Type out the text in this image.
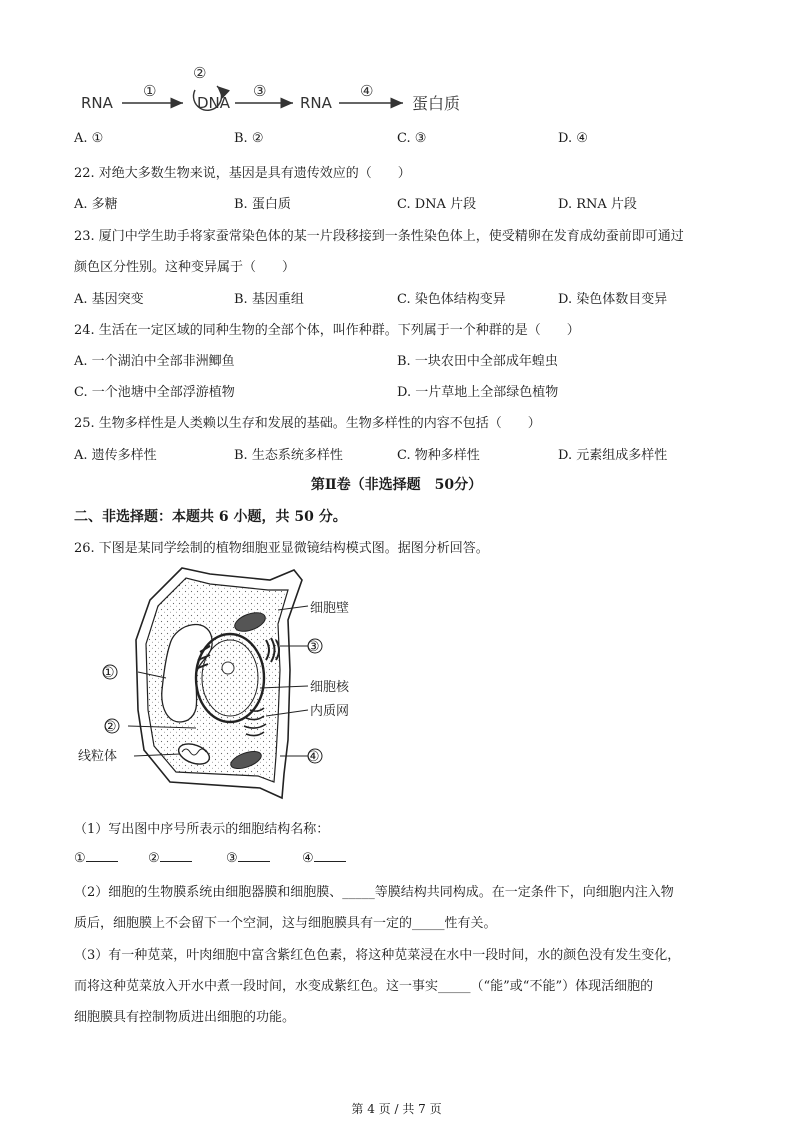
RNA
①
②
DNA
③
RNA
④
蛋白质
A. ①	B. ②	C. ③	D. ④
22. 对绝大多数生物来说，基因是具有遗传效应的（　　）
A. 多糖	B. 蛋白质	C. DNA 片段	D. RNA 片段
23. 厦门中学生助手将家蚕常染色体的某一片段移接到一条性染色体上，使受精卵在发育成幼蚕前即可通过
颜色区分性别。这种变异属于（　　）
A. 基因突变	B. 基因重组	C. 染色体结构变异	D. 染色体数目变异
24. 生活在一定区域的同种生物的全部个体，叫作种群。下列属于一个种群的是（　　）
A. 一个湖泊中全部非洲鲫鱼	B. 一块农田中全部成年蝗虫
C. 一个池塘中全部浮游植物	D. 一片草地上全部绿色植物
25. 生物多样性是人类赖以生存和发展的基础。生物多样性的内容不包括（　　）
A. 遗传多样性	B. 生态系统多样性	C. 物种多样性	D. 元素组成多样性
第Ⅱ卷（非选择题　50分）
二、非选择题：本题共 6 小题，共 50 分。
26. 下图是某同学绘制的植物细胞亚显微镜结构模式图。据图分析回答。
细胞壁
③
①
细胞核
内质网
②
线粒体	④
（1）写出图中序号所表示的细胞结构名称：
①	②	③	④
（2）细胞的生物膜系统由细胞器膜和细胞膜、_____等膜结构共同构成。在一定条件下，向细胞内注入物
质后，细胞膜上不会留下一个空洞，这与细胞膜具有一定的_____性有关。
（3）有一种苋菜，叶肉细胞中富含紫红色色素，将这种苋菜浸在水中一段时间，水的颜色没有发生变化，
而将这种苋菜放入开水中煮一段时间，水变成紫红色。这一事实_____（“能”或“不能”）体现活细胞的
细胞膜具有控制物质进出细胞的功能。
第 4 页 / 共 7 页
